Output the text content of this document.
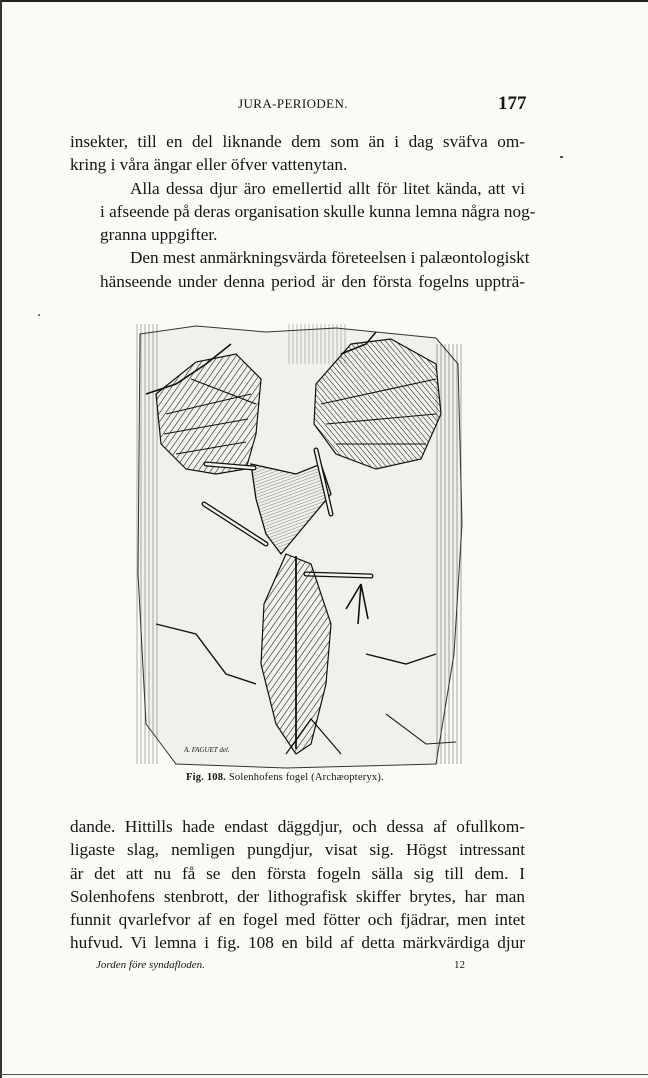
JURA-PERIODEN.	177

insekter, till en del liknande dem som än i dag sväfva om-
kring i våra ängar eller öfver vattenytan.

Alla dessa djur äro emellertid allt för litet kända, att vi
i afseende på deras organisation skulle kunna lemna några nog-
granna uppgifter.

Den mest anmärkningsvärda företeelsen i palæontologiskt
hänseende under denna period är den första fogelns uppträ-

A. FAGUET del.
Fig. 108. Solenhofens fogel (Archæopteryx).

dande. Hittills hade endast däggdjur, och dessa af ofullkom-
ligaste slag, nemligen pungdjur, visat sig. Högst intressant
är det att nu få se den första fogeln sälla sig till dem. I
Solenhofens stenbrott, der lithografisk skiffer brytes, har man
funnit qvarlefvor af en fogel med fötter och fjädrar, men intet
hufvud. Vi lemna i fig. 108 en bild af detta märkvärdiga djur

Jorden före syndafloden.	12
